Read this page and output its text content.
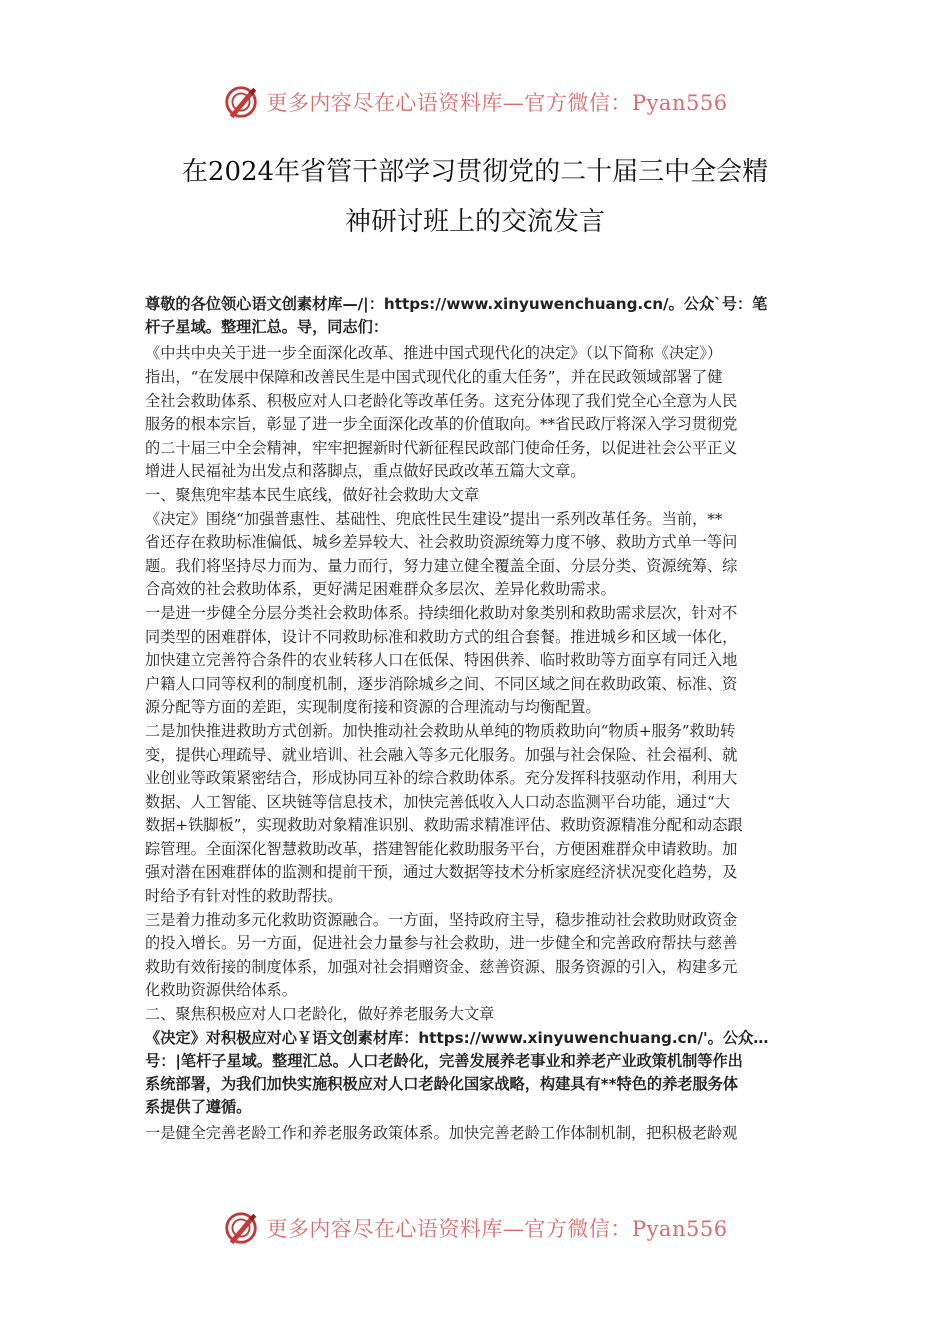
更多内容尽在心语资料库—官方微信：Pyan556
在2024年省管干部学习贯彻党的二十届三中全会精
神研讨班上的交流发言

尊敬的各位领心语文创素材库—/|：https://www.xinyuwenchuang.cn/。公众`号：笔
杆子星域。整理汇总。导，同志们：

《中共中央关于进一步全面深化改革、推进中国式现代化的决定》（以下简称《决定》）
指出，“在发展中保障和改善民生是中国式现代化的重大任务”，并在民政领域部署了健
全社会救助体系、积极应对人口老龄化等改革任务。这充分体现了我们党全心全意为人民
服务的根本宗旨，彰显了进一步全面深化改革的价值取向。**省民政厅将深入学习贯彻党
的二十届三中全会精神，牢牢把握新时代新征程民政部门使命任务，以促进社会公平正义
增进人民福祉为出发点和落脚点，重点做好民政改革五篇大文章。

一、聚焦兜牢基本民生底线，做好社会救助大文章

《决定》围绕“加强普惠性、基础性、兜底性民生建设”提出一系列改革任务。当前，**
省还存在救助标准偏低、城乡差异较大、社会救助资源统筹力度不够、救助方式单一等问
题。我们将坚持尽力而为、量力而行，努力建立健全覆盖全面、分层分类、资源统筹、综
合高效的社会救助体系，更好满足困难群众多层次、差异化救助需求。

一是进一步健全分层分类社会救助体系。持续细化救助对象类别和救助需求层次，针对不
同类型的困难群体，设计不同救助标准和救助方式的组合套餐。推进城乡和区域一体化，
加快建立完善符合条件的农业转移人口在低保、特困供养、临时救助等方面享有同迁入地
户籍人口同等权利的制度机制，逐步消除城乡之间、不同区域之间在救助政策、标准、资
源分配等方面的差距，实现制度衔接和资源的合理流动与均衡配置。

二是加快推进救助方式创新。加快推动社会救助从单纯的物质救助向“物质+服务”救助转
变，提供心理疏导、就业培训、社会融入等多元化服务。加强与社会保险、社会福利、就
业创业等政策紧密结合，形成协同互补的综合救助体系。充分发挥科技驱动作用，利用大
数据、人工智能、区块链等信息技术，加快完善低收入人口动态监测平台功能，通过“大
数据+铁脚板”，实现救助对象精准识别、救助需求精准评估、救助资源精准分配和动态跟
踪管理。全面深化智慧救助改革，搭建智能化救助服务平台，方便困难群众申请救助。加
强对潜在困难群体的监测和提前干预，通过大数据等技术分析家庭经济状况变化趋势，及
时给予有针对性的救助帮扶。

三是着力推动多元化救助资源融合。一方面，坚持政府主导，稳步推动社会救助财政资金
的投入增长。另一方面，促进社会力量参与社会救助，进一步健全和完善政府帮扶与慈善
救助有效衔接的制度体系，加强对社会捐赠资金、慈善资源、服务资源的引入，构建多元
化救助资源供给体系。

二、聚焦积极应对人口老龄化，做好养老服务大文章

《决定》对积极应对心￥语文创素材库：https://www.xinyuwenchuang.cn/'。公众…
号：|笔杆子星域。整理汇总。人口老龄化，完善发展养老事业和养老产业政策机制等作出
系统部署，为我们加快实施积极应对人口老龄化国家战略，构建具有**特色的养老服务体
系提供了遵循。

一是健全完善老龄工作和养老服务政策体系。加快完善老龄工作体制机制，把积极老龄观

更多内容尽在心语资料库—官方微信：Pyan556
